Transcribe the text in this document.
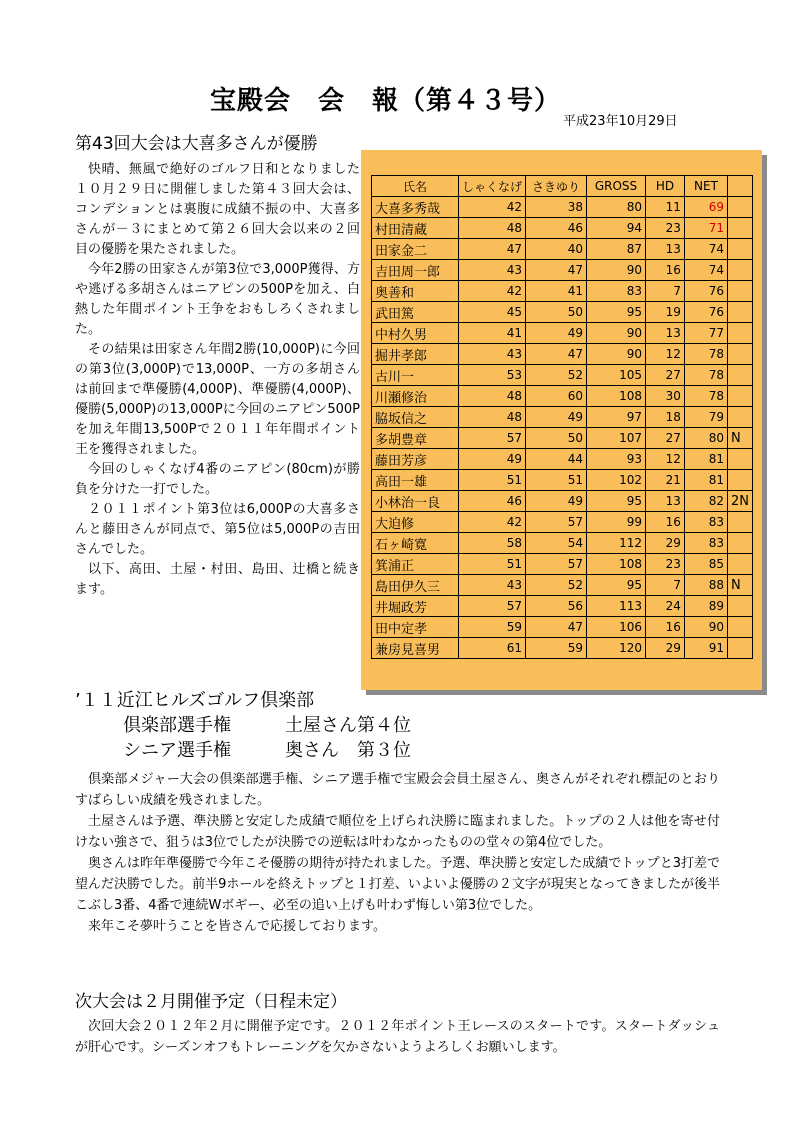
宝殿会　会　報（第４３号）
平成23年10月29日
第43回大会は大喜多さんが優勝

快晴、無風で絶好のゴルフ日和となりました１０月２９日に開催しました第４３回大会は、コンデションとは裏腹に成績不振の中、大喜多さんが－３にまとめて第２６回大会以来の２回目の優勝を果たされました。

今年2勝の田家さんが第3位で3,000P獲得、方や逃げる多胡さんはニアピンの500Pを加え、白熱した年間ポイント王争をおもしろくされました。

その結果は田家さん年間2勝(10,000P)に今回の第3位(3,000P)で13,000P、一方の多胡さんは前回まで準優勝(4,000P)、準優勝(4,000P)、優勝(5,000P)の13,000Pに今回のニアピン500Pを加え年間13,500Pで２０１１年年間ポイント王を獲得されました。

今回のしゃくなげ4番のニアピン(80cm)が勝負を分けた一打でした。

２０１１ポイント第3位は6,000Pの大喜多さんと藤田さんが同点で、第5位は5,000Pの吉田さんでした。

以下、高田、土屋・村田、島田、辻橋と続きます。

氏名	しゃくなげ	さきゆり	GROSS	HD	NET	
大喜多秀哉	42	38	80	11	69	
村田清蔵	48	46	94	23	71	
田家金二	47	40	87	13	74	
吉田周一郎	43	47	90	16	74	
奥善和	42	41	83	7	76	
武田篤	45	50	95	19	76	
中村久男	41	49	90	13	77	
掘井孝郎	43	47	90	12	78	
古川一	53	52	105	27	78	
川瀬修治	48	60	108	30	78	
脇坂信之	48	49	97	18	79	
多胡豊章	57	50	107	27	80	N
藤田芳彦	49	44	93	12	81	
高田一雄	51	51	102	21	81	
小林治一良	46	49	95	13	82	2N
大迫修	42	57	99	16	83	
石ヶ崎寛	58	54	112	29	83	
箕浦正	51	57	108	23	85	
島田伊久三	43	52	95	7	88	N
井堀政芳	57	56	113	24	89	
田中定孝	59	47	106	16	90	
兼房見喜男	61	59	120	29	91	
’１１近江ヒルズゴルフ倶楽部
倶楽部選手権　　　土屋さん第４位
シニア選手権　　　奥さん　第３位

倶楽部メジャー大会の倶楽部選手権、シニア選手権で宝殿会会員土屋さん、奥さんがそれぞれ標記のとおりすばらしい成績を残されました。

土屋さんは予選、準決勝と安定した成績で順位を上げられ決勝に臨まれました。トップの２人は他を寄せ付けない強さで、狙うは3位でしたが決勝での逆転は叶わなかったものの堂々の第4位でした。

奥さんは昨年準優勝で今年こそ優勝の期待が持たれました。予選、準決勝と安定した成績でトップと3打差で望んだ決勝でした。前半9ホールを終えトップと１打差、いよいよ優勝の２文字が現実となってきましたが後半こぶし3番、4番で連続Wボギー、必至の追い上げも叶わず悔しい第3位でした。

来年こそ夢叶うことを皆さんで応援しております。

次大会は２月開催予定（日程未定）

次回大会２０１２年２月に開催予定です。２０１２年ポイント王レースのスタートです。スタートダッシュが肝心です。シーズンオフもトレーニングを欠かさないようよろしくお願いします。
